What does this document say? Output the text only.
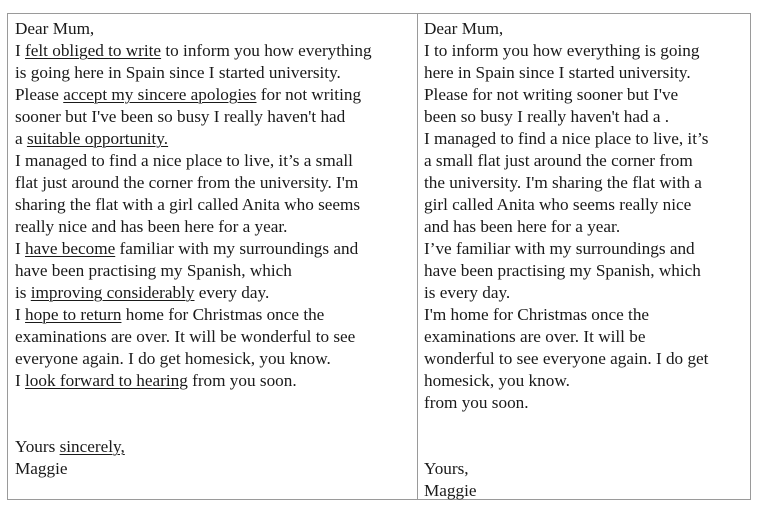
Dear Mum,
I felt obliged to write to inform you how everything
is going here in Spain since I started university.
Please accept my sincere apologies for not writing
sooner but I've been so busy I really haven't had
a suitable opportunity.
I managed to find a nice place to live, it’s a small
flat just around the corner from the university. I'm
sharing the flat with a girl called Anita who seems
really nice and has been here for a year.
I have become familiar with my surroundings and
have been practising my Spanish, which
is improving considerably every day.
I hope to return home for Christmas once the
examinations are over. It will be wonderful to see
everyone again. I do get homesick, you know.
I look forward to hearing from you soon.
Yours sincerely,
Maggie
Dear Mum,
I to inform you how everything is going
here in Spain since I started university.
Please for not writing sooner but I've
been so busy I really haven't had a .
I managed to find a nice place to live, it’s
a small flat just around the corner from
the university. I'm sharing the flat with a
girl called Anita who seems really nice
and has been here for a year.
I’ve familiar with my surroundings and
have been practising my Spanish, which
is every day.
I'm home for Christmas once the
examinations are over. It will be
wonderful to see everyone again. I do get
homesick, you know.
from you soon.
Yours,
Maggie
